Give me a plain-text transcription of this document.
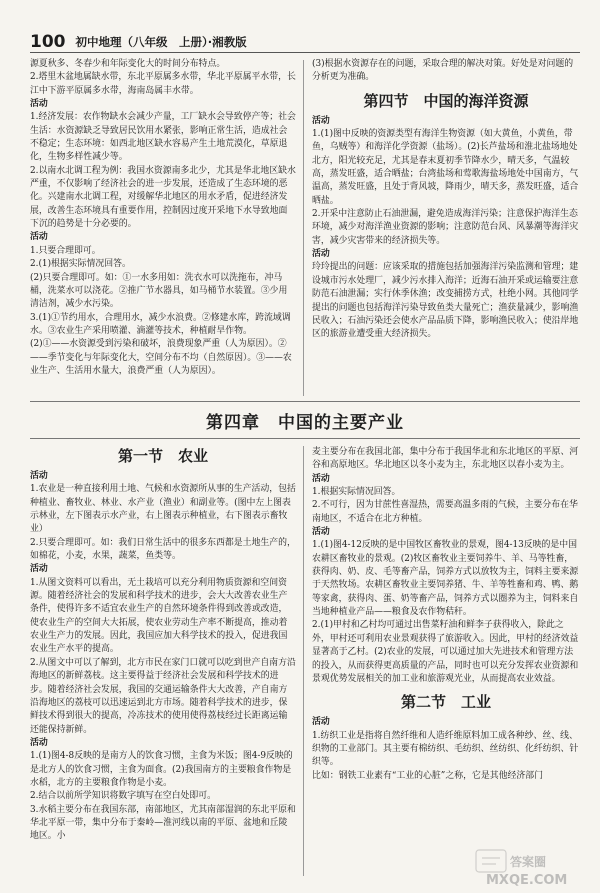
100 初中地理（八年级　上册）·湘教版

源夏秋多、冬春少和年际变化大的时间分布特点。

2.塔里木盆地属缺水带，东北平原属多水带，华北平原属平水带，长江中下游平原属多水带，海南岛属丰水带。

活动

1.经济发展：农作物缺水会减少产量，工厂缺水会导致停产等；社会生活：水资源缺乏导致居民饮用水紧张，影响正常生活，造成社会不稳定；生态环境：如西北地区缺水容易产生土地荒漠化，草原退化，生物多样性减少等。

2.以南水北调工程为例：我国水资源南多北少，尤其是华北地区缺水严重，不仅影响了经济社会的进一步发展，还造成了生态环境的恶化。兴建南水北调工程，对缓解华北地区的用水矛盾，促进经济发展，改善生态环境具有重要作用，控制因过度开采地下水导致地面下沉的趋势是十分必要的。

活动

1.只要合理即可。

2.(1)根据实际情况回答。

(2)只要合理即可。如：①一水多用如：洗衣水可以洗拖布，冲马桶，洗菜水可以浇花。②推广节水器具，如马桶节水装置。③少用清洁剂，减少水污染。

3.(1)①节约用水，合理用水，减少水浪费。②修建水库，跨流域调水。③农业生产采用喷灌、滴灌等技术，种植耐旱作物。

(2)①——水资源受到污染和破坏，浪费现象严重（人为原因）。②——季节变化与年际变化大，空间分布不均（自然原因）。③——农业生产、生活用水量大，浪费严重（人为原因）。

(3)根据水资源存在的问题，采取合理的解决对策。好处是对问题的分析更为准确。

第四节　中国的海洋资源

活动

1.(1)图中反映的资源类型有海洋生物资源（如大黄鱼，小黄鱼，带鱼，乌贼等）和海洋化学资源（盐场）。(2)长芦盐场和淮北盐场地处北方，阳光较充足，尤其是春末夏初季节降水少，晴天多，气温较高，蒸发旺盛，适合晒盐；台湾盐场和莺歌海盐场地处中国南方，气温高，蒸发旺盛，且处于背风坡，降雨少，晴天多，蒸发旺盛，适合晒盐。

2.开采中注意防止石油泄漏，避免造成海洋污染；注意保护海洋生态环境，减少对海洋渔业资源的影响；注意防范台风、风暴潮等海洋灾害，减少灾害带来的经济损失等。

活动

玲玲提出的问题：应该采取的措施包括加强海洋污染监测和管理；建设城市污水处理厂，减少污水排入海洋；近海石油开采或运输要注意防范石油泄漏；实行休季休渔；改变捕捞方式，杜绝小网。其他同学提出的问题也包括海洋污染导致鱼类大量死亡；渔获量减少，影响渔民收入；石油污染还会使水产品品质下降，影响渔民收入；使沿岸地区的旅游业遭受重大经济损失。

第四章　中国的主要产业
第一节　农业

活动

1.农业是一种直接利用土地、气候和水资源所从事的生产活动，包括种植业、畜牧业、林业、水产业（渔业）和副业等。(图中左上图表示林业，左下图表示水产业，右上图表示种植业，右下图表示畜牧业）

2.只要合理即可。如：我们日常生活中的很多东西都是土地生产的，如棉花，小麦，水果，蔬菜，鱼类等。

活动

1.从图文资料可以看出，无土栽培可以充分利用物质资源和空间资源。随着经济社会的发展和科学技术的进步，会大大改善农业生产条件，使得许多不适宜农业生产的自然环境条件得到改善或改造，使农业生产的空间大大拓展，使农业劳动生产率不断提高，推动着农业生产力的发展。因此，我国应加大科学技术的投入，促进我国农业生产水平的提高。

2.从图文中可以了解到，北方市民在家门口就可以吃到世产自南方沿海地区的新鲜荔枝。这主要得益于经济社会发展和科学技术的进步。随着经济社会发展，我国的交通运输条件大大改善，产自南方沿海地区的荔枝可以迅速运到北方市场。随着科学技术的进步，保鲜技术得到很大的提高，冷冻技术的使用使得荔枝经过长距离运输还能保持新鲜。

活动

1.(1)图4-8反映的是南方人的饮食习惯，主食为米饭；图4-9反映的是北方人的饮食习惯，主食为面食。(2)我国南方的主要粮食作物是水稻，北方的主要粮食作物是小麦。

2.结合以前所学知识将数字填写在空白处即可。

3.水稻主要分布在我国东部，南部地区，尤其南部湿润的东北平原和华北平原一带，集中分布于秦岭—淮河线以南的平原、盆地和丘陵地区。小

麦主要分布在我国北部，集中分布于我国华北和东北地区的平原、河谷和高原地区。华北地区以冬小麦为主，东北地区以春小麦为主。

活动

1.根据实际情况回答。

2.不可行，因为甘蔗性喜湿热，需要高温多雨的气候，主要分布在华南地区，不适合在北方种植。

活动

1.(1)图4-12反映的是中国牧区畜牧业的景观，图4-13反映的是中国农耕区畜牧业的景观。(2)牧区畜牧业主要饲养牛、羊、马等牲畜，获得肉、奶、皮、毛等畜产品，饲养方式以放牧为主，饲料主要来源于天然牧场。农耕区畜牧业主要饲养猪、牛、羊等牲畜和鸡、鸭、鹅等家禽，获得肉、蛋、奶等畜产品，饲养方式以圈养为主，饲料来自当地种植业产品——粮食及农作物秸秆。

2.(1)甲村和乙村均可通过出售菜籽油和鲜李子获得收入，除此之外，甲村还可利用农业景观获得了旅游收入。因此，甲村的经济效益显著高于乙村。(2)农业的发展，可以通过加大先进技术和管理方法的投入，从而获得更高质量的产品，同时也可以充分发挥农业资源和景观优势发展相关的加工业和旅游观光业，从而提高农业效益。

第二节　工业

活动

1.纺织工业是指将自然纤维和人造纤维原料加工成各种纱、丝、线、织物的工业部门。其主要有棉纺织、毛纺织、丝纺织、化纤纺织、针织等。

比如：钢铁工业素有“工业的心脏”之称，它是其他经济部门

答案圈
MXQE.COM
